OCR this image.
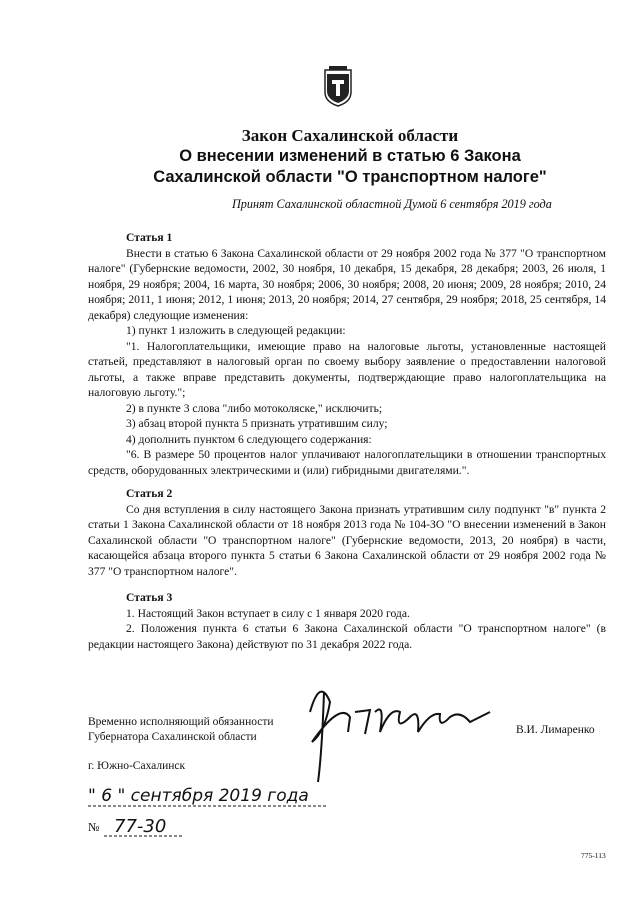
Закон Сахалинской области
О внесении изменений в статью 6 Закона
Сахалинской области "О транспортном налоге"
Принят Сахалинской областной Думой 6 сентября 2019 года
Статья 1

Внести в статью 6 Закона Сахалинской области от 29 ноября 2002 года № 377 "О транспортном налоге" (Губернские ведомости, 2002, 30 ноября, 10 декабря, 15 декабря, 28 декабря; 2003, 26 июля, 1 ноября, 29 ноября; 2004, 16 марта, 30 ноября; 2006, 30 ноября; 2008, 20 июня; 2009, 28 ноября; 2010, 24 ноября; 2011, 1 июня; 2012, 1 июня; 2013, 20 ноября; 2014, 27 сентября, 29 ноября; 2018, 25 сентября, 14 декабря) следующие изменения:

1) пункт 1 изложить в следующей редакции:

"1. Налогоплательщики, имеющие право на налоговые льготы, установленные настоящей статьей, представляют в налоговый орган по своему выбору заявление о предоставлении налоговой льготы, а также вправе представить документы, подтверждающие право налогоплательщика на налоговую льготу.";

2) в пункте 3 слова "либо мотоколяске," исключить;

3) абзац второй пункта 5 признать утратившим силу;

4) дополнить пунктом 6 следующего содержания:

"6. В размере 50 процентов налог уплачивают налогоплательщики в отношении транспортных средств, оборудованных электрическими и (или) гибридными двигателями.".

Статья 2

Со дня вступления в силу настоящего Закона признать утратившим силу подпункт "в" пункта 2 статьи 1 Закона Сахалинской области от 18 ноября 2013 года № 104-ЗО "О внесении изменений в Закон Сахалинской области "О транспортном налоге" (Губернские ведомости, 2013, 20 ноября) в части, касающейся абзаца второго пункта 5 статьи 6 Закона Сахалинской области от 29 ноября 2002 года № 377 "О транспортном налоге".

Статья 3

1. Настоящий Закон вступает в силу с 1 января 2020 года.

2. Положения пункта 6 статьи 6 Закона Сахалинской области "О транспортном налоге" (в редакции настоящего Закона) действуют по 31 декабря 2022 года.

Временно исполняющий обязанности
Губернатора Сахалинской области
В.И. Лимаренко
г. Южно-Сахалинск
" 6 " сентября 2019 года
№ 77-30
775-113
